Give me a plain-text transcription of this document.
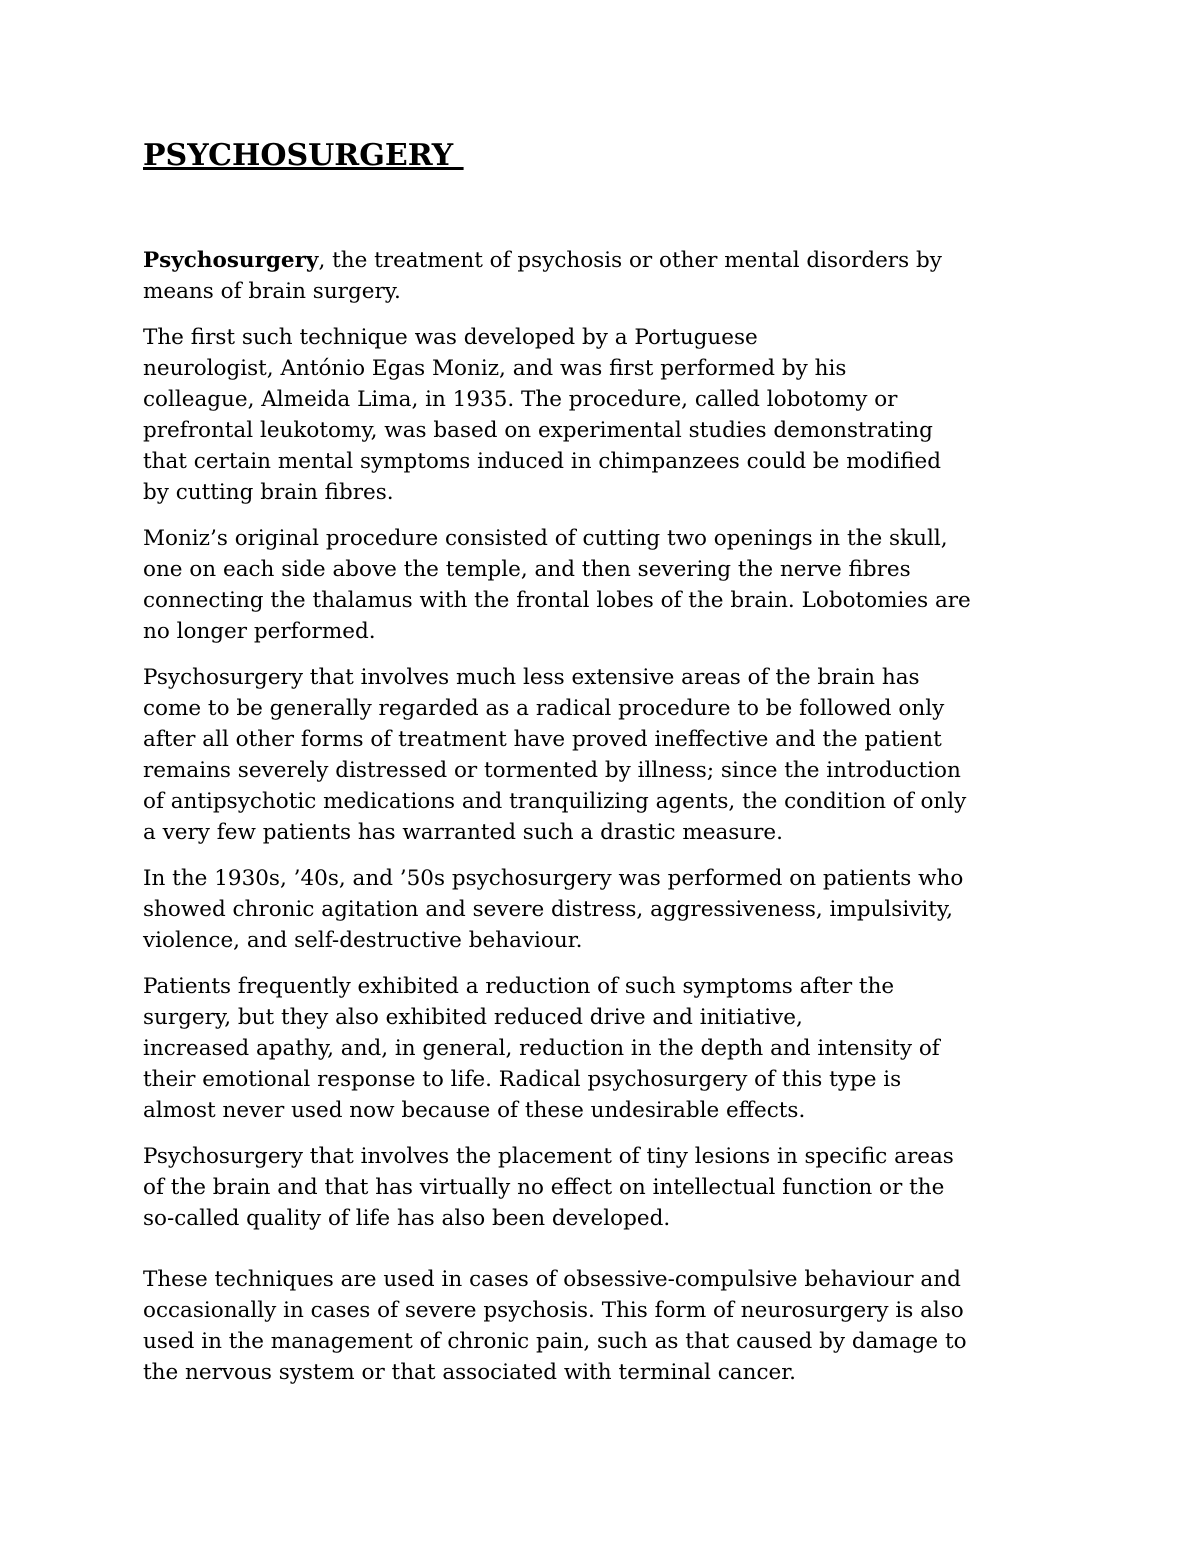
PSYCHOSURGERY

Psychosurgery, the treatment of psychosis or other mental disorders by
means of brain surgery.

The first such technique was developed by a Portuguese
neurologist, António Egas Moniz, and was first performed by his
colleague, Almeida Lima, in 1935. The procedure, called lobotomy or
prefrontal leukotomy, was based on experimental studies demonstrating
that certain mental symptoms induced in chimpanzees could be modified
by cutting brain fibres.

Moniz’s original procedure consisted of cutting two openings in the skull,
one on each side above the temple, and then severing the nerve fibres
connecting the thalamus with the frontal lobes of the brain. Lobotomies are
no longer performed.

Psychosurgery that involves much less extensive areas of the brain has
come to be generally regarded as a radical procedure to be followed only
after all other forms of treatment have proved ineffective and the patient
remains severely distressed or tormented by illness; since the introduction
of antipsychotic medications and tranquilizing agents, the condition of only
a very few patients has warranted such a drastic measure.

In the 1930s, ’40s, and ’50s psychosurgery was performed on patients who
showed chronic agitation and severe distress, aggressiveness, impulsivity,
violence, and self-destructive behaviour.

Patients frequently exhibited a reduction of such symptoms after the
surgery, but they also exhibited reduced drive and initiative,
increased apathy, and, in general, reduction in the depth and intensity of
their emotional response to life. Radical psychosurgery of this type is
almost never used now because of these undesirable effects.

Psychosurgery that involves the placement of tiny lesions in specific areas
of the brain and that has virtually no effect on intellectual function or the
so-called quality of life has also been developed.

These techniques are used in cases of obsessive-compulsive behaviour and
occasionally in cases of severe psychosis. This form of neurosurgery is also
used in the management of chronic pain, such as that caused by damage to
the nervous system or that associated with terminal cancer.
